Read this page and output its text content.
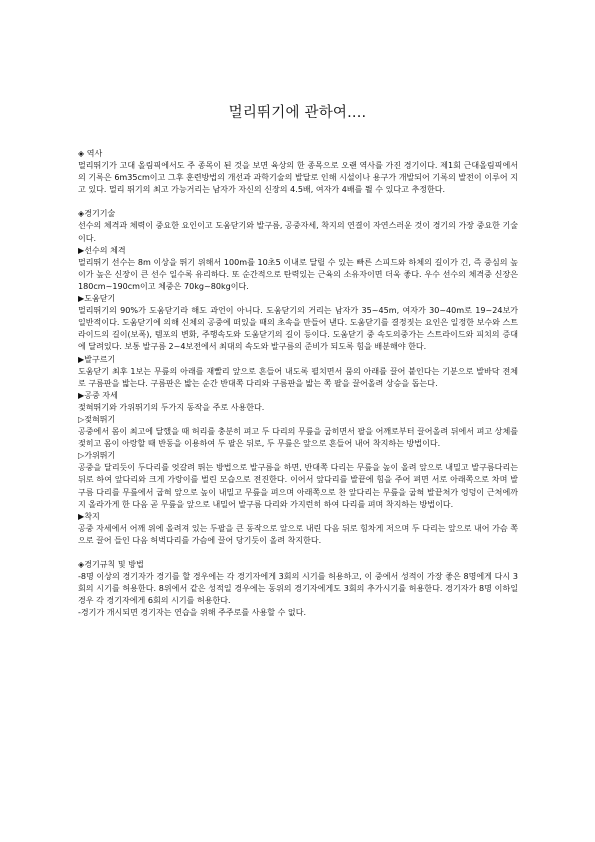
멀리뛰기에 관하여....
◈ 역사

멀리뛰기가 고대 올림픽에서도 주 종목이 된 것을 보면 육상의 한 종목으로 오랜 역사를 가진 경기이다. 제1회 근대올림픽에서의 기록은 6m35cm이고 그후 훈련방법의 개선과 과학기술의 발달로 인해 시설이나 용구가 개발되어 기록의 발전이 이루어 지고 있다. 멀리 뛰기의 최고 가능거리는 남자가 자신의 신장의 4.5배, 여자가 4배를 뛸 수 있다고 추정한다.

◈경기기술

선수의 체격과 체력이 중요한 요인이고 도움닫기와 발구름, 공중자세, 착지의 연결이 자연스러운 것이 경기의 가장 중요한 기술이다.

▶선수의 체격

멀리뛰기 선수는 8m 이상을 뛰기 위해서 100m를 10초5 이내로 달릴 수 있는 빠른 스피드와 하체의 길이가 긴, 즉 중심의 높이가 높은 신장이 큰 선수 일수록 유리하다. 또 순간적으로 탄력있는 근육의 소유자이면 더욱 좋다. 우수 선수의 체격중 신장은 180cm~190cm이고 체중은 70kg~80kg이다.

▶도움닫기

멀리뛰기의 90%가 도움닫기라 해도 과언이 아니다. 도움닫기의 거리는 남자가 35~45m, 여자가 30~40m로 19~24보가 일반적이다. 도움닫기에 의해 신체의 공중에 떠있을 때의 초속을 만들어 낸다. 도움닫기를 결정짓는 요인은 일정한 보수와 스트라이드의 길이(보폭), 템포의 변화, 주행속도와 도움닫기의 길이 등이다. 도움닫기 중 속도의중가는 스트라이드와 피치의 증대에 달려있다. 보통 발구름 2~4보전에서 최대의 속도와 발구름의 준비가 되도록 힘을 배분해야 한다.

▶발구르기

도움닫기 최후 1보는 무릎의 아래를 재빨리 앞으로 흔들어 내도록 펼치면서 뭄의 아래를 끌어 붙인다는 기분으로 발바닥 전체로 구름판을 밟는다. 구름판은 밟는 순간 반대쪽 다리와 구름판을 밟는 쪽 팔을 끌어올려 상승을 돕는다.

▶공중 자세

젖혀뛰기와 가위뛰기의 두가지 동작을 주로 사용한다.

▷젖혀뛰기

공중에서 몸이 최고에 달했을 때 허리를 충분히 펴고 두 다리의 무릎을 굽히면서 팔을 어깨로부터 끌어올려 뒤에서 펴고 상체를 젖히고 몸이 아랑할 때 반동을 이용하여 두 팔은 뒤로, 두 무릎은 앞으로 흔들어 내어 착지하는 방법이다.

▷가위뛰기

공중을 달리듯이 두다리를 엇갈려 뛰는 방법으로 발구름을 하면, 반대쪽 다리는 무릎을 높이 올려 앞으로 내밀고 발구름다리는 뒤로 하여 앞다리와 크게 가랑이를 벌린 모습으로 전진한다. 이어서 앞다리를 발끝에 힘을 주어 펴면 서로 아래쪽으로 차며 발구름 다리를 무릎에서 굽혀 앞으로 높이 내밀고 무릎을 펴으며 아래쪽으로 찬 앞다리는 무릎을 굽혀 발끝처가 엉덩이 근처에까지 올라가게 한 다음 곧 무릎을 앞으로 내밀어 발구름 다리와 가지런히 하여 다리를 펴며 착지하는 방법이다.

▶착지

공중 자세에서 어깨 위에 올려져 있는 두팔을 큰 동작으로 앞으로 내린 다음 뒤로 힘차게 저으며 두 다리는 앞으로 내어 가슴 쪽으로 끌어 들인 다음 허벅다리를 가슴에 끌어 당기듯이 올려 착지한다.

◈경기규칙 및 방법

-8명 이상의 경기자가 경기를 할 경우에는 각 경기자에게 3회의 시기를 허용하고, 이 중에서 성적이 가장 좋은 8명에게 다시 3회의 시기를 허용한다. 8위에서 같은 성적일 경우에는 동위의 경기자에게도 3회의 추가시기를 허용한다. 경기자가 8명 이하일 경우 각 경기자에게 6회의 시기를 허용한다.

-경기가 개시되면 경기자는 연습을 위해 주주로를 사용할 수 없다.
